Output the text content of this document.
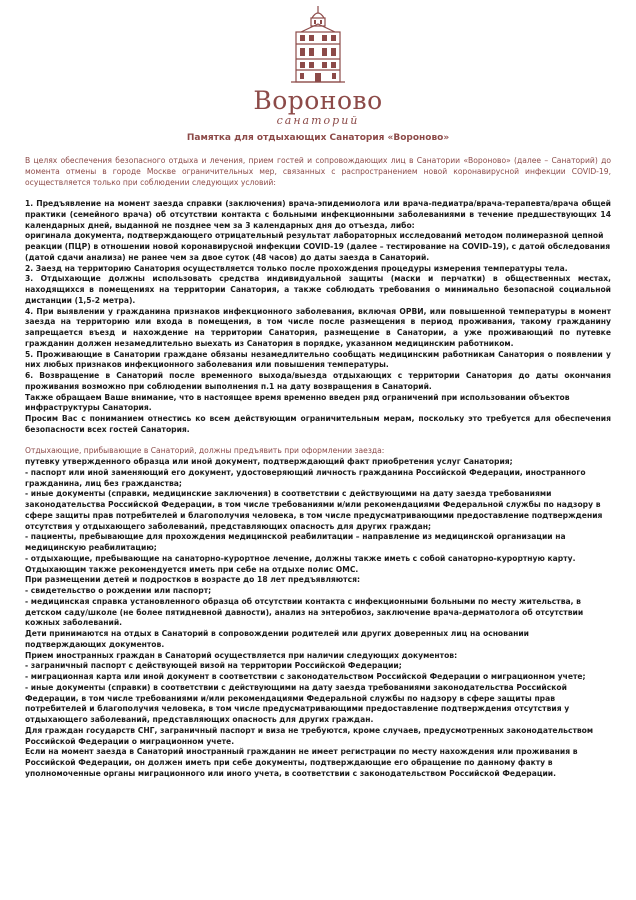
Вороново
санаторий
Памятка для отдыхающих Санатория «Вороново»

В целях обеспечения безопасного отдыха и лечения, прием гостей и сопровождающих лиц в Санатории «Вороново» (далее – Санаторий) до момента отмены в городе Москве ограничительных мер, связанных с распространением новой коронавирусной инфекции COVID-19, осуществляется только при соблюдении следующих условий:

1. Предъявление на момент заезда справки (заключения) врача-эпидемиолога или врача-педиатра/врача-терапевта/врача общей практики (семейного врача) об отсутствии контакта с больными инфекционными заболеваниями в течение предшествующих 14 календарных дней, выданной не позднее чем за 3 календарных дня до отъезда, либо:

оригинала документа, подтверждающего отрицательный результат лабораторных исследований методом полимеразной цепной реакции (ПЦР) в отношении новой коронавирусной инфекции COVID-19 (далее – тестирование на COVID-19), с датой обследования (датой сдачи анализа) не ранее чем за двое суток (48 часов) до даты заезда в Санаторий.

2. Заезд на территорию Санатория осуществляется только после прохождения процедуры измерения температуры тела.

3. Отдыхающие должны использовать средства индивидуальной защиты (маски и перчатки) в общественных местах, находящихся в помещениях на территории Санатория, а также соблюдать требования о минимально безопасной социальной дистанции (1,5-2 метра).

4. При выявлении у гражданина признаков инфекционного заболевания, включая ОРВИ, или повышенной температуры в момент заезда на территорию или входа в помещения, в том числе после размещения в период проживания, такому гражданину запрещается въезд и нахождение на территории Санатория, размещение в Санатории, а уже проживающий по путевке гражданин должен незамедлительно выехать из Санатория в порядке, указанном медицинским работником.

5. Проживающие в Санатории граждане обязаны незамедлительно сообщать медицинским работникам Санатория о появлении у них любых признаков инфекционного заболевания или повышения температуры.

6. Возвращение в Санаторий после временного выхода/выезда отдыхающих с территории Санатория до даты окончания проживания возможно при соблюдении выполнения п.1 на дату возвращения в Санаторий.

Также обращаем Ваше внимание, что в настоящее время временно введен ряд ограничений при использовании объектов инфраструктуры Санатория.

Просим Вас с пониманием отнестись ко всем действующим ограничительным мерам, поскольку это требуется для обеспечения безопасности всех гостей Санатория.

Отдыхающие, прибывающие в Санаторий, должны предъявить при оформлении заезда:

путевку утвержденного образца или иной документ, подтверждающий факт приобретения услуг Санатория;

- паспорт или иной заменяющий его документ, удостоверяющий личность гражданина Российской Федерации, иностранного гражданина, лиц без гражданства;

- иные документы (справки, медицинские заключения) в соответствии с действующими на дату заезда требованиями законодательства Российской Федерации, в том числе требованиями и/или рекомендациями Федеральной службы по надзору в сфере защиты прав потребителей и благополучия человека, в том числе предусматривающими предоставление подтверждения отсутствия у отдыхающего заболеваний, представляющих опасность для других граждан;

- пациенты, пребывающие для прохождения медицинской реабилитации – направление из медицинской организации на медицинскую реабилитацию;

- отдыхающие, пребывающие на санаторно-курортное лечение, должны также иметь с собой санаторно-курортную карту.

Отдыхающим также рекомендуется иметь при себе на отдыхе полис ОМС.

При размещении детей и подростков в возрасте до 18 лет предъявляются:

- свидетельство о рождении или паспорт;

- медицинская справка установленного образца об отсутствии контакта с инфекционными больными по месту жительства, в детском саду/школе (не более пятидневной давности), анализ на энтеробиоз, заключение врача-дерматолога об отсутствии кожных заболеваний.

Дети принимаются на отдых в Санаторий в сопровождении родителей или других доверенных лиц на основании подтверждающих документов.

Прием иностранных граждан в Санаторий осуществляется при наличии следующих документов:

- заграничный паспорт с действующей визой на территории Российской Федерации;

- миграционная карта или иной документ в соответствии с законодательством Российской Федерации о миграционном учете;

- иные документы (справки) в соответствии с действующими на дату заезда требованиями законодательства Российской Федерации, в том числе требованиями и/или рекомендациями Федеральной службы по надзору в сфере защиты прав потребителей и благополучия человека, в том числе предусматривающими предоставление подтверждения отсутствия у отдыхающего заболеваний, представляющих опасность для других граждан.

Для граждан государств СНГ, заграничный паспорт и виза не требуются, кроме случаев, предусмотренных законодательством Российской Федерации о миграционном учете.

Если на момент заезда в Санаторий иностранный гражданин не имеет регистрации по месту нахождения или проживания в Российской Федерации, он должен иметь при себе документы, подтверждающие его обращение по данному факту в уполномоченные органы миграционного или иного учета, в соответствии с законодательством Российской Федерации.
